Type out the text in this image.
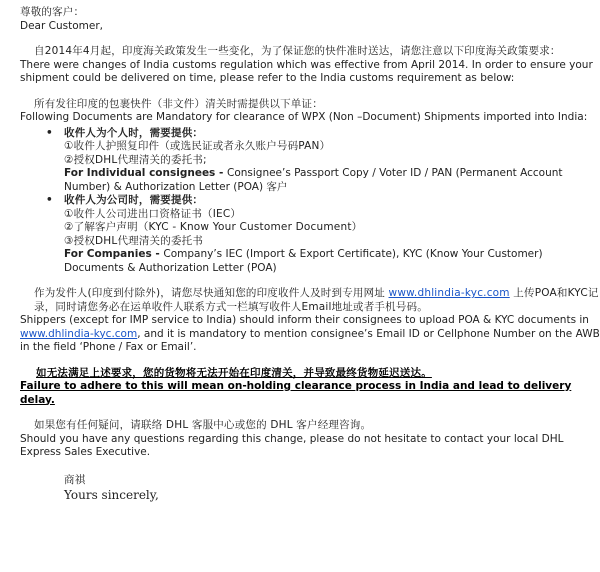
尊敬的客户：

Dear Customer,

自2014年4月起，印度海关政策发生一些变化，为了保证您的快件准时送达，请您注意以下印度海关政策要求：

There were changes of India customs regulation which was effective from April 2014. In order to ensure your shipment could be delivered on time, please refer to the India customs requirement as below:

所有发往印度的包裹快件（非文件）清关时需提供以下单证：

Following Documents are Mandatory for clearance of WPX (Non –Document) Shipments imported into India:

• 收件人为个人时，需要提供：

①收件人护照复印件（或选民证或者永久账户号码PAN）

②授权DHL代理清关的委托书;

For Individual consignees - Consignee’s Passport Copy / Voter ID / PAN (Permanent Account Number) & Authorization Letter (POA) 客户

• 收件人为公司时，需要提供：

①收件人公司进出口资格证书（IEC）

②了解客户声明（KYC - Know Your Customer Document）

③授权DHL代理清关的委托书

For Companies - Company’s IEC (Import & Export Certificate), KYC (Know Your Customer) Documents & Authorization Letter (POA)

作为发件人(印度到付除外)，请您尽快通知您的印度收件人及时到专用网址 www.dhlindia-kyc.com 上传POA和KYC记录，同时请您务必在运单收件人联系方式一栏填写收件人Email地址或者手机号码。

Shippers (except for IMP service to India) should inform their consignees to upload POA & KYC documents in www.dhlindia-kyc.com, and it is mandatory to mention consignee’s Email ID or Cellphone Number on the AWB in the field ‘Phone / Fax or Email’.

如无法满足上述要求，您的货物将无法开始在印度清关，并导致最终货物延迟送达。

Failure to adhere to this will mean on-holding clearance process in India and lead to delivery delay.

如果您有任何疑问，请联络 DHL 客服中心或您的 DHL 客户经理咨询。

Should you have any questions regarding this change, please do not hesitate to contact your local DHL Express Sales Executive.

商祺

Yours sincerely,
